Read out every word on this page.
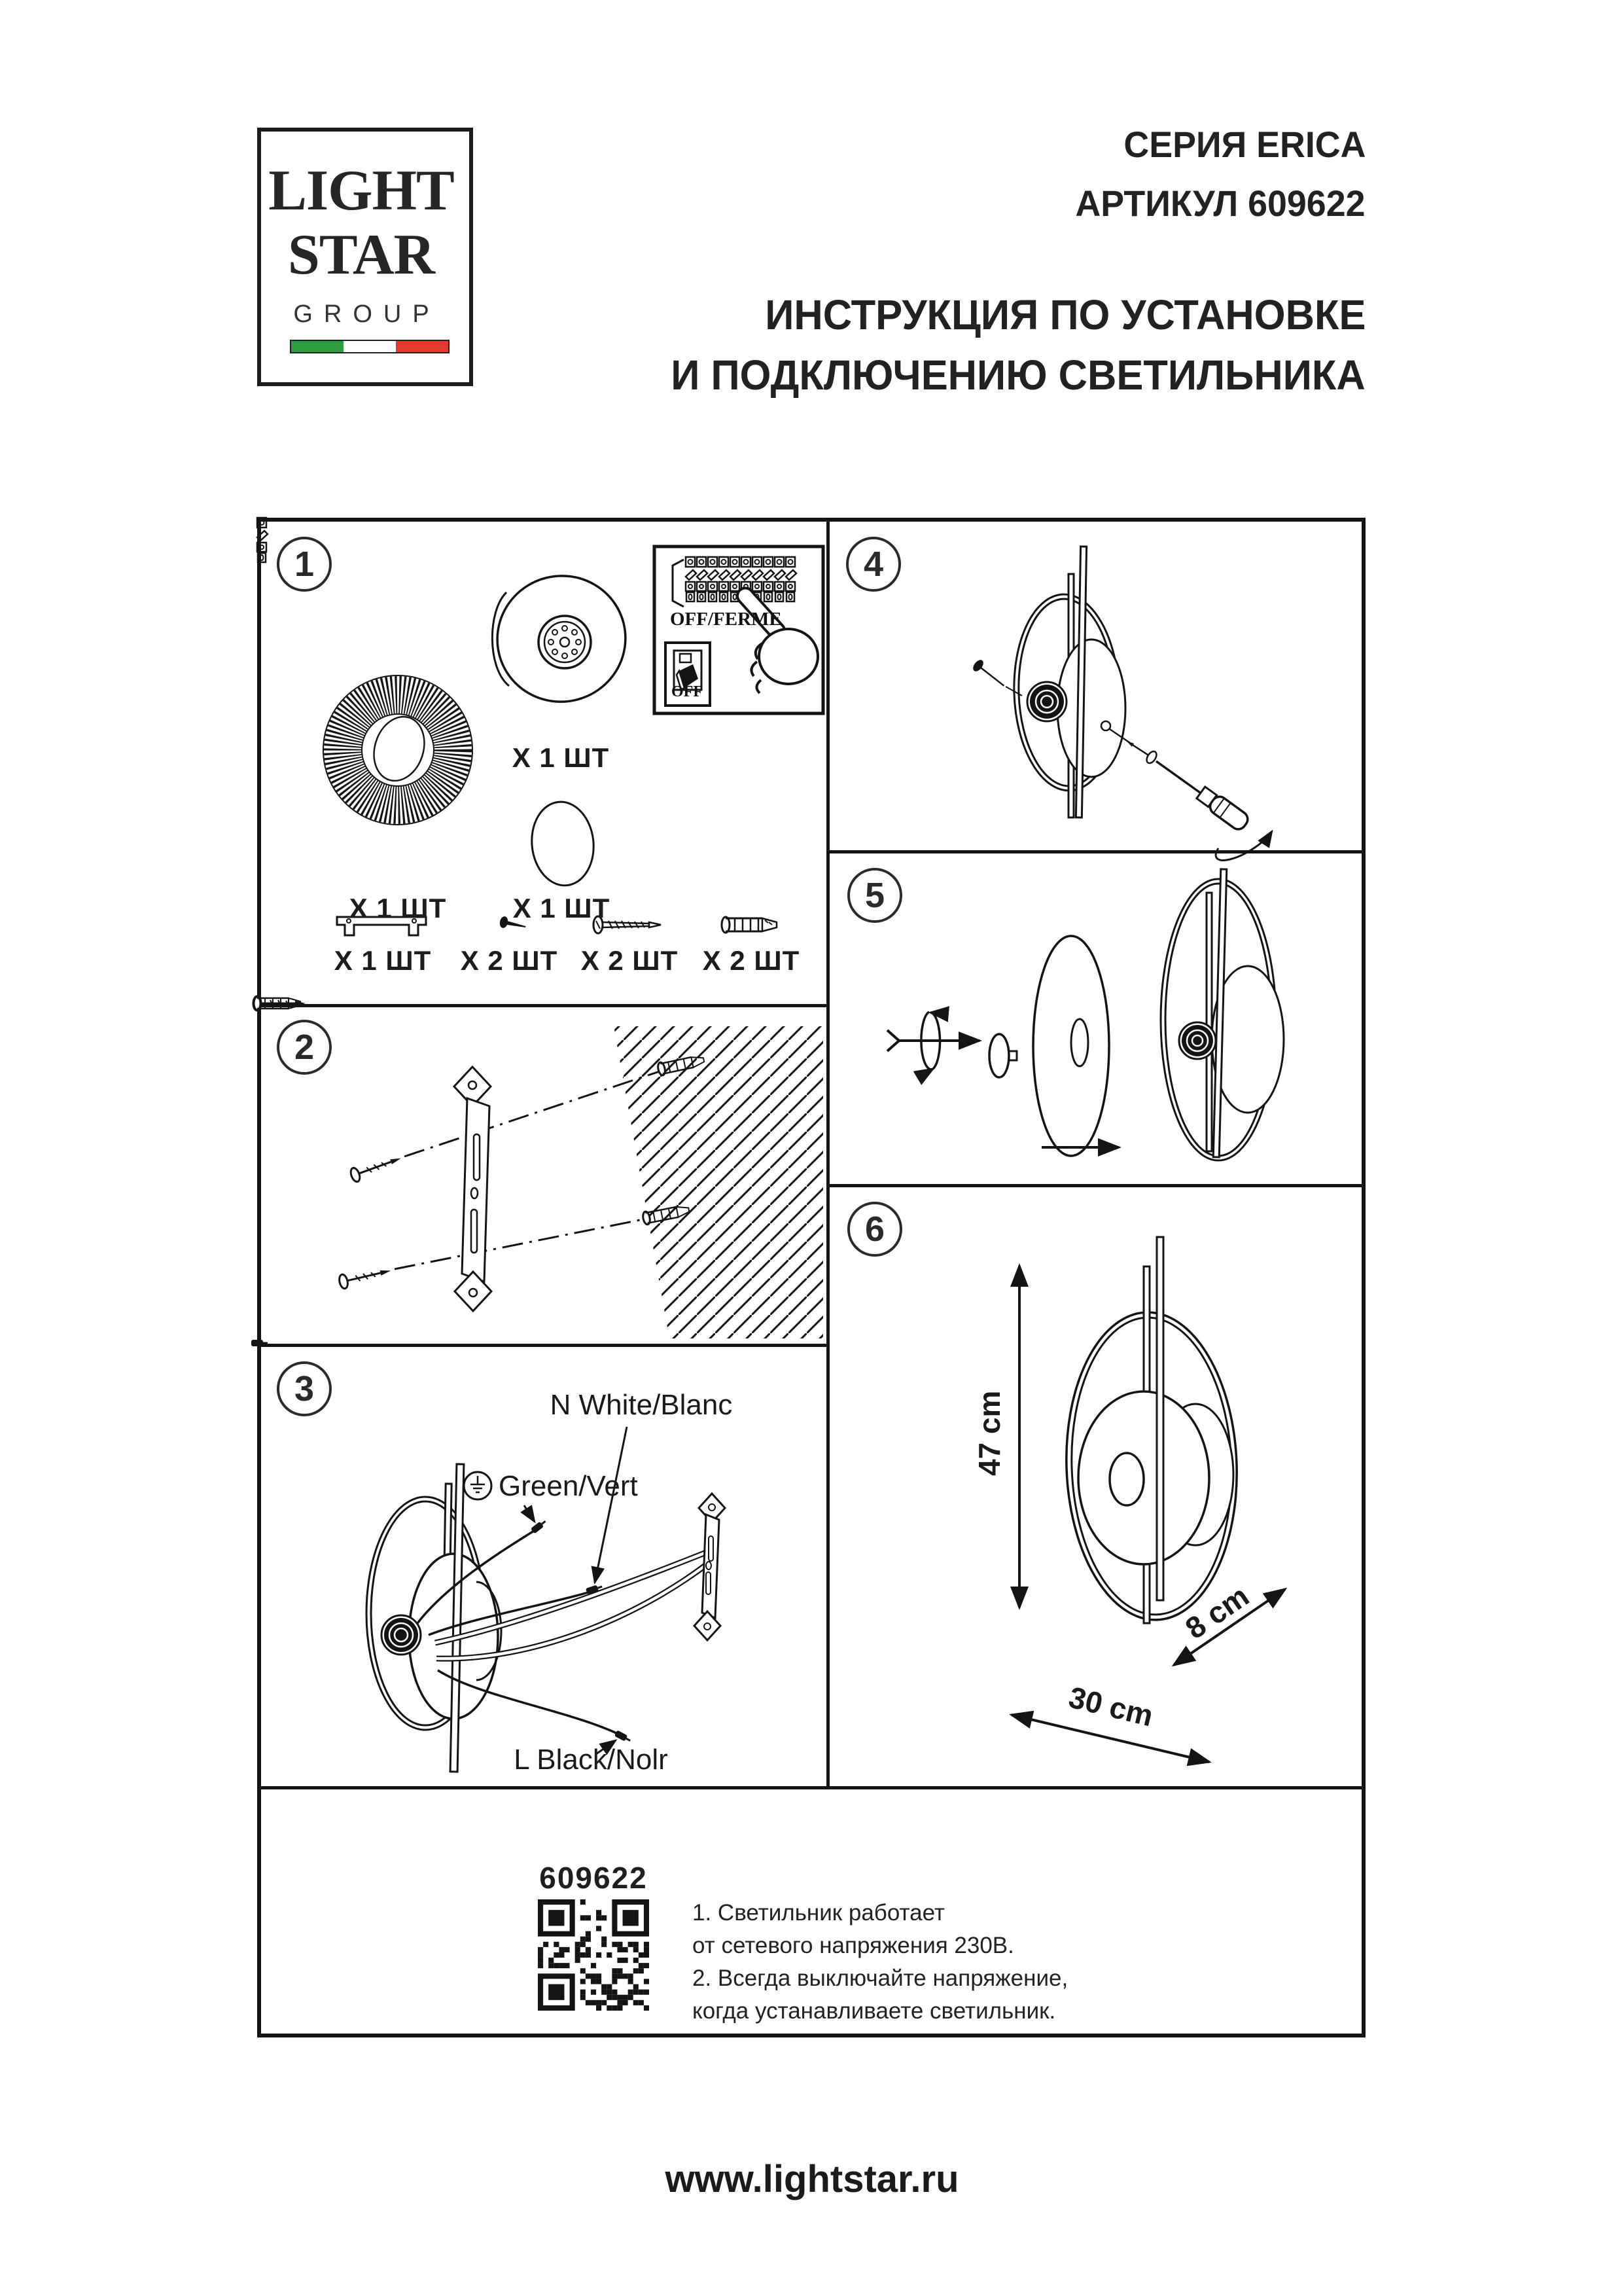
LIGHT
STAR
GROUP
СЕРИЯ ERICA
АРТИКУЛ 609622
ИНСТРУКЦИЯ ПО УСТАНОВКЕ
И ПОДКЛЮЧЕНИЮ СВЕТИЛЬНИКА
1
2
3
4
5
6
X 1 ШТ
X 1 ШТ
X 1 ШТ
X 1 ШТ	X 2 ШТ X 2 ШТ X 2 ШТ
OFF/FERME
OFF
N White/Blanc
Green/Vert
L Black/Nolr
47 cm
8 cm
30 cm
609622
1. Светильник работает
от сетевого напряжения 230В.
2. Всегда выключайте напряжение,
когда устанавливаете светильник.
www.lightstar.ru
